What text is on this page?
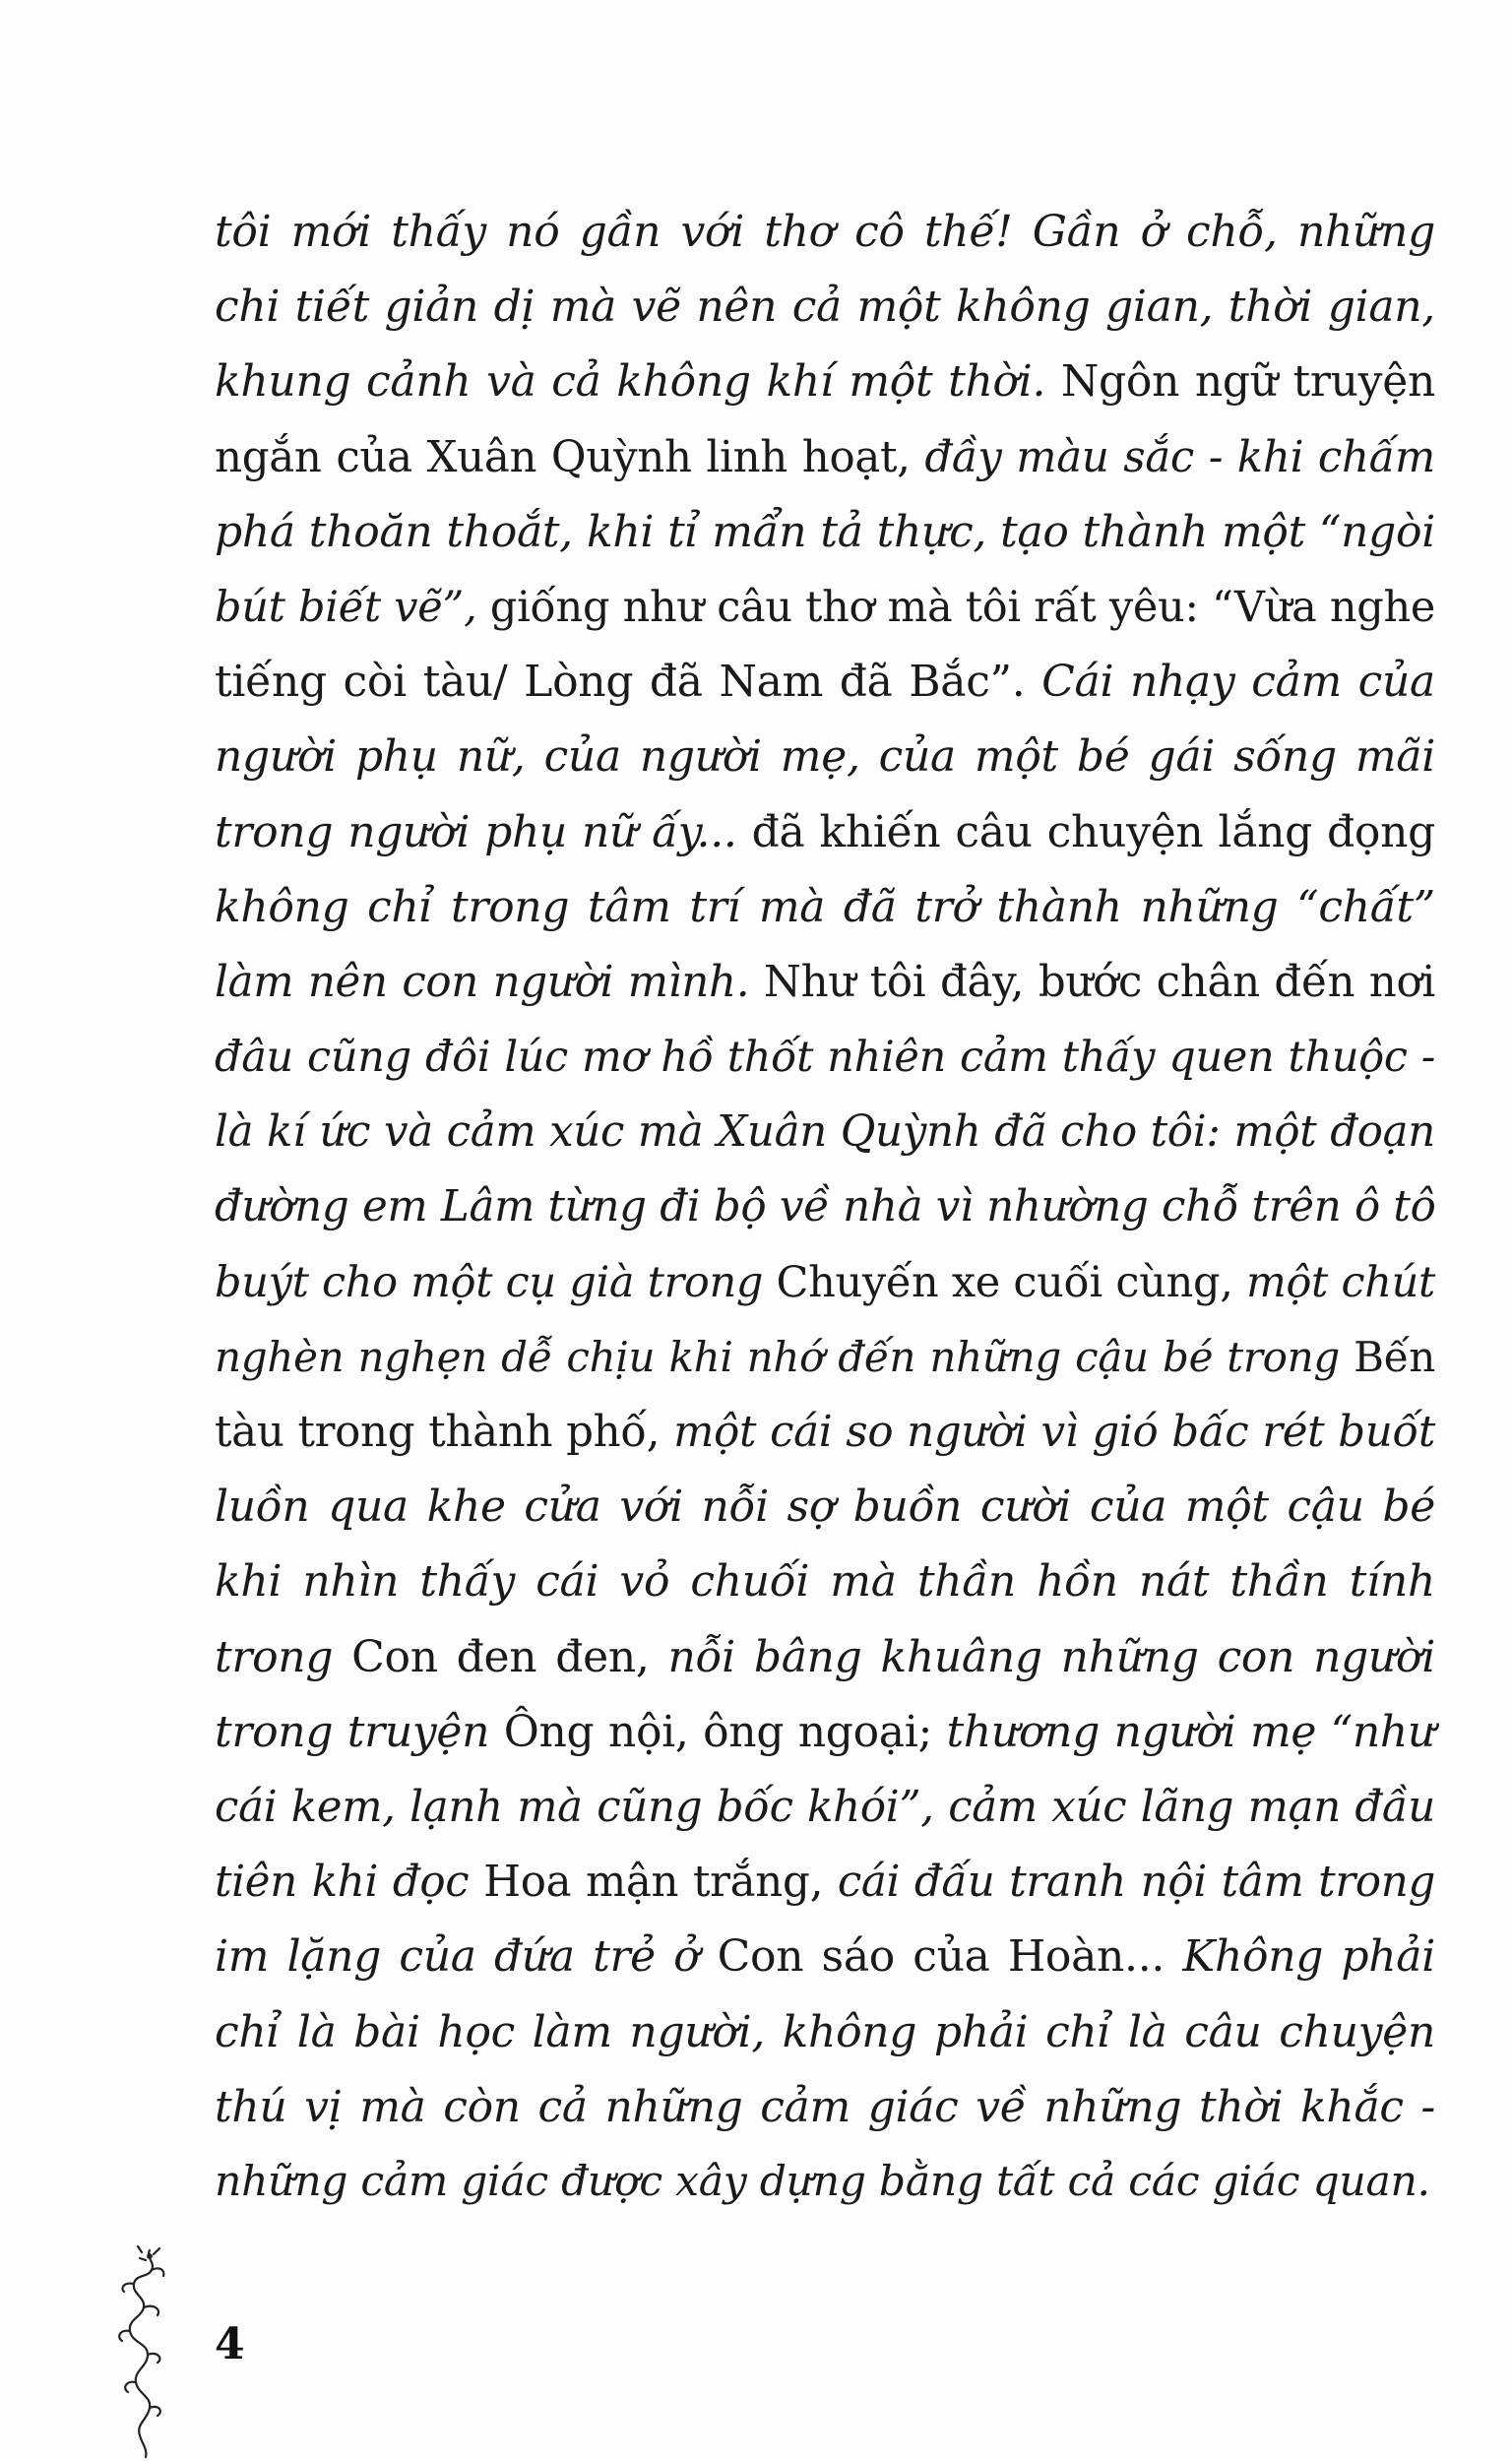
tôi mới thấy nó gần với thơ cô thế! Gần ở chỗ, những
chi tiết giản dị mà vẽ nên cả một không gian, thời gian,
khung cảnh và cả không khí một thời. Ngôn ngữ truyện
ngắn của Xuân Quỳnh linh hoạt, đầy màu sắc - khi chấm
phá thoăn thoắt, khi tỉ mẩn tả thực, tạo thành một “ngòi
bút biết vẽ”, giống như câu thơ mà tôi rất yêu: “Vừa nghe
tiếng còi tàu/ Lòng đã Nam đã Bắc”. Cái nhạy cảm của
người phụ nữ, của người mẹ, của một bé gái sống mãi
trong người phụ nữ ấy... đã khiến câu chuyện lắng đọng
không chỉ trong tâm trí mà đã trở thành những “chất”
làm nên con người mình. Như tôi đây, bước chân đến nơi
đâu cũng đôi lúc mơ hồ thốt nhiên cảm thấy quen thuộc -
là kí ức và cảm xúc mà Xuân Quỳnh đã cho tôi: một đoạn
đường em Lâm từng đi bộ về nhà vì nhường chỗ trên ô tô
buýt cho một cụ già trong Chuyến xe cuối cùng, một chút
nghèn nghẹn dễ chịu khi nhớ đến những cậu bé trong Bến
tàu trong thành phố, một cái so người vì gió bấc rét buốt
luồn qua khe cửa với nỗi sợ buồn cười của một cậu bé
khi nhìn thấy cái vỏ chuối mà thần hồn nát thần tính
trong Con đen đen, nỗi bâng khuâng những con người
trong truyện Ông nội, ông ngoại; thương người mẹ “như
cái kem, lạnh mà cũng bốc khói”, cảm xúc lãng mạn đầu
tiên khi đọc Hoa mận trắng, cái đấu tranh nội tâm trong
im lặng của đứa trẻ ở Con sáo của Hoàn... Không phải
chỉ là bài học làm người, không phải chỉ là câu chuyện
thú vị mà còn cả những cảm giác về những thời khắc -
những cảm giác được xây dựng bằng tất cả các giác quan.

4
